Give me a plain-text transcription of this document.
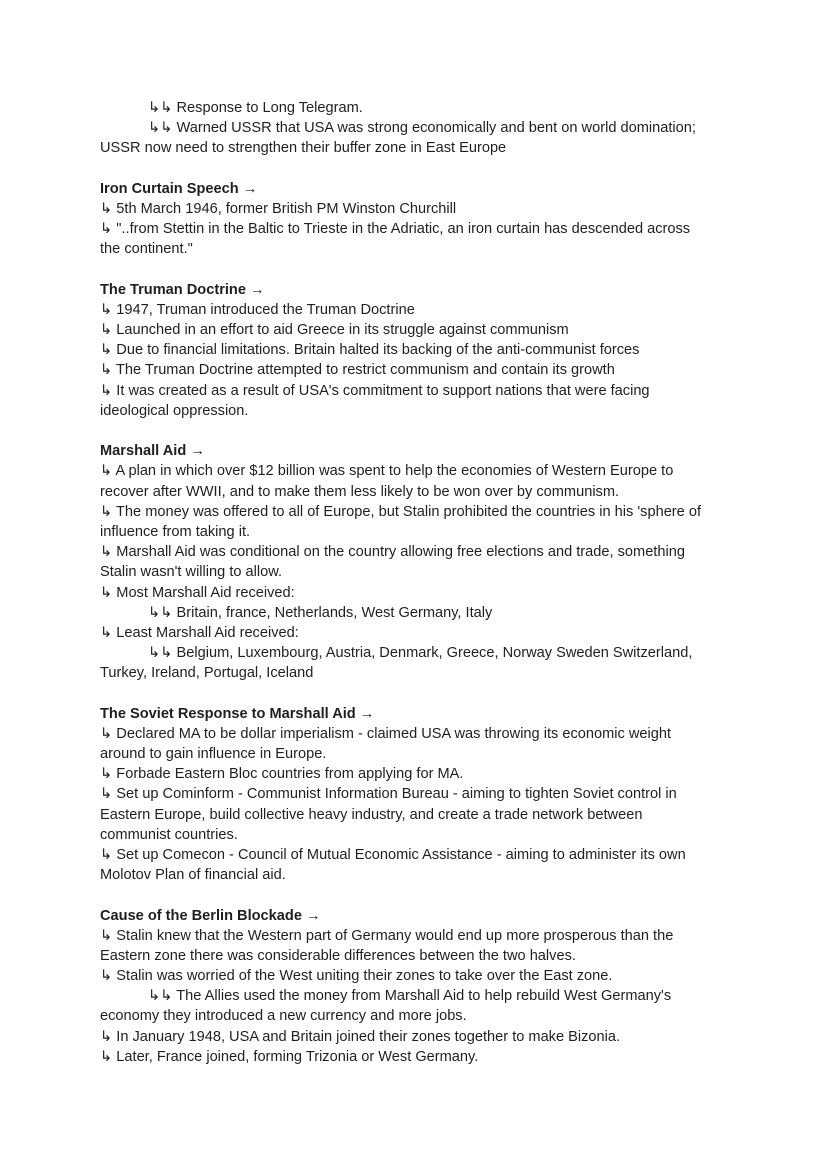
↳↳ Response to Long Telegram.
↳↳ Warned USSR that USA was strong economically and bent on world domination;
USSR now need to strengthen their buffer zone in East Europe
Iron Curtain Speech →
↳ 5th March 1946, former British PM Winston Churchill
↳ "..from Stettin in the Baltic to Trieste in the Adriatic, an iron curtain has descended across
the continent."
The Truman Doctrine →
↳ 1947, Truman introduced the Truman Doctrine
↳ Launched in an effort to aid Greece in its struggle against communism
↳ Due to financial limitations. Britain halted its backing of the anti-communist forces
↳ The Truman Doctrine attempted to restrict communism and contain its growth
↳ It was created as a result of USA's commitment to support nations that were facing
ideological oppression.
Marshall Aid →
↳ A plan in which over $12 billion was spent to help the economies of Western Europe to
recover after WWII, and to make them less likely to be won over by communism.
↳ The money was offered to all of Europe, but Stalin prohibited the countries in his 'sphere of
influence from taking it.
↳ Marshall Aid was conditional on the country allowing free elections and trade, something
Stalin wasn't willing to allow.
↳ Most Marshall Aid received:
↳↳ Britain, france, Netherlands, West Germany, Italy
↳ Least Marshall Aid received:
↳↳ Belgium, Luxembourg, Austria, Denmark, Greece, Norway Sweden Switzerland,
Turkey, Ireland, Portugal, Iceland
The Soviet Response to Marshall Aid →
↳ Declared MA to be dollar imperialism - claimed USA was throwing its economic weight
around to gain influence in Europe.
↳ Forbade Eastern Bloc countries from applying for MA.
↳ Set up Cominform - Communist Information Bureau - aiming to tighten Soviet control in
Eastern Europe, build collective heavy industry, and create a trade network between
communist countries.
↳ Set up Comecon - Council of Mutual Economic Assistance - aiming to administer its own
Molotov Plan of financial aid.
Cause of the Berlin Blockade →
↳ Stalin knew that the Western part of Germany would end up more prosperous than the
Eastern zone there was considerable differences between the two halves.
↳ Stalin was worried of the West uniting their zones to take over the East zone.
↳↳ The Allies used the money from Marshall Aid to help rebuild West Germany's
economy they introduced a new currency and more jobs.
↳ In January 1948, USA and Britain joined their zones together to make Bizonia.
↳ Later, France joined, forming Trizonia or West Germany.
